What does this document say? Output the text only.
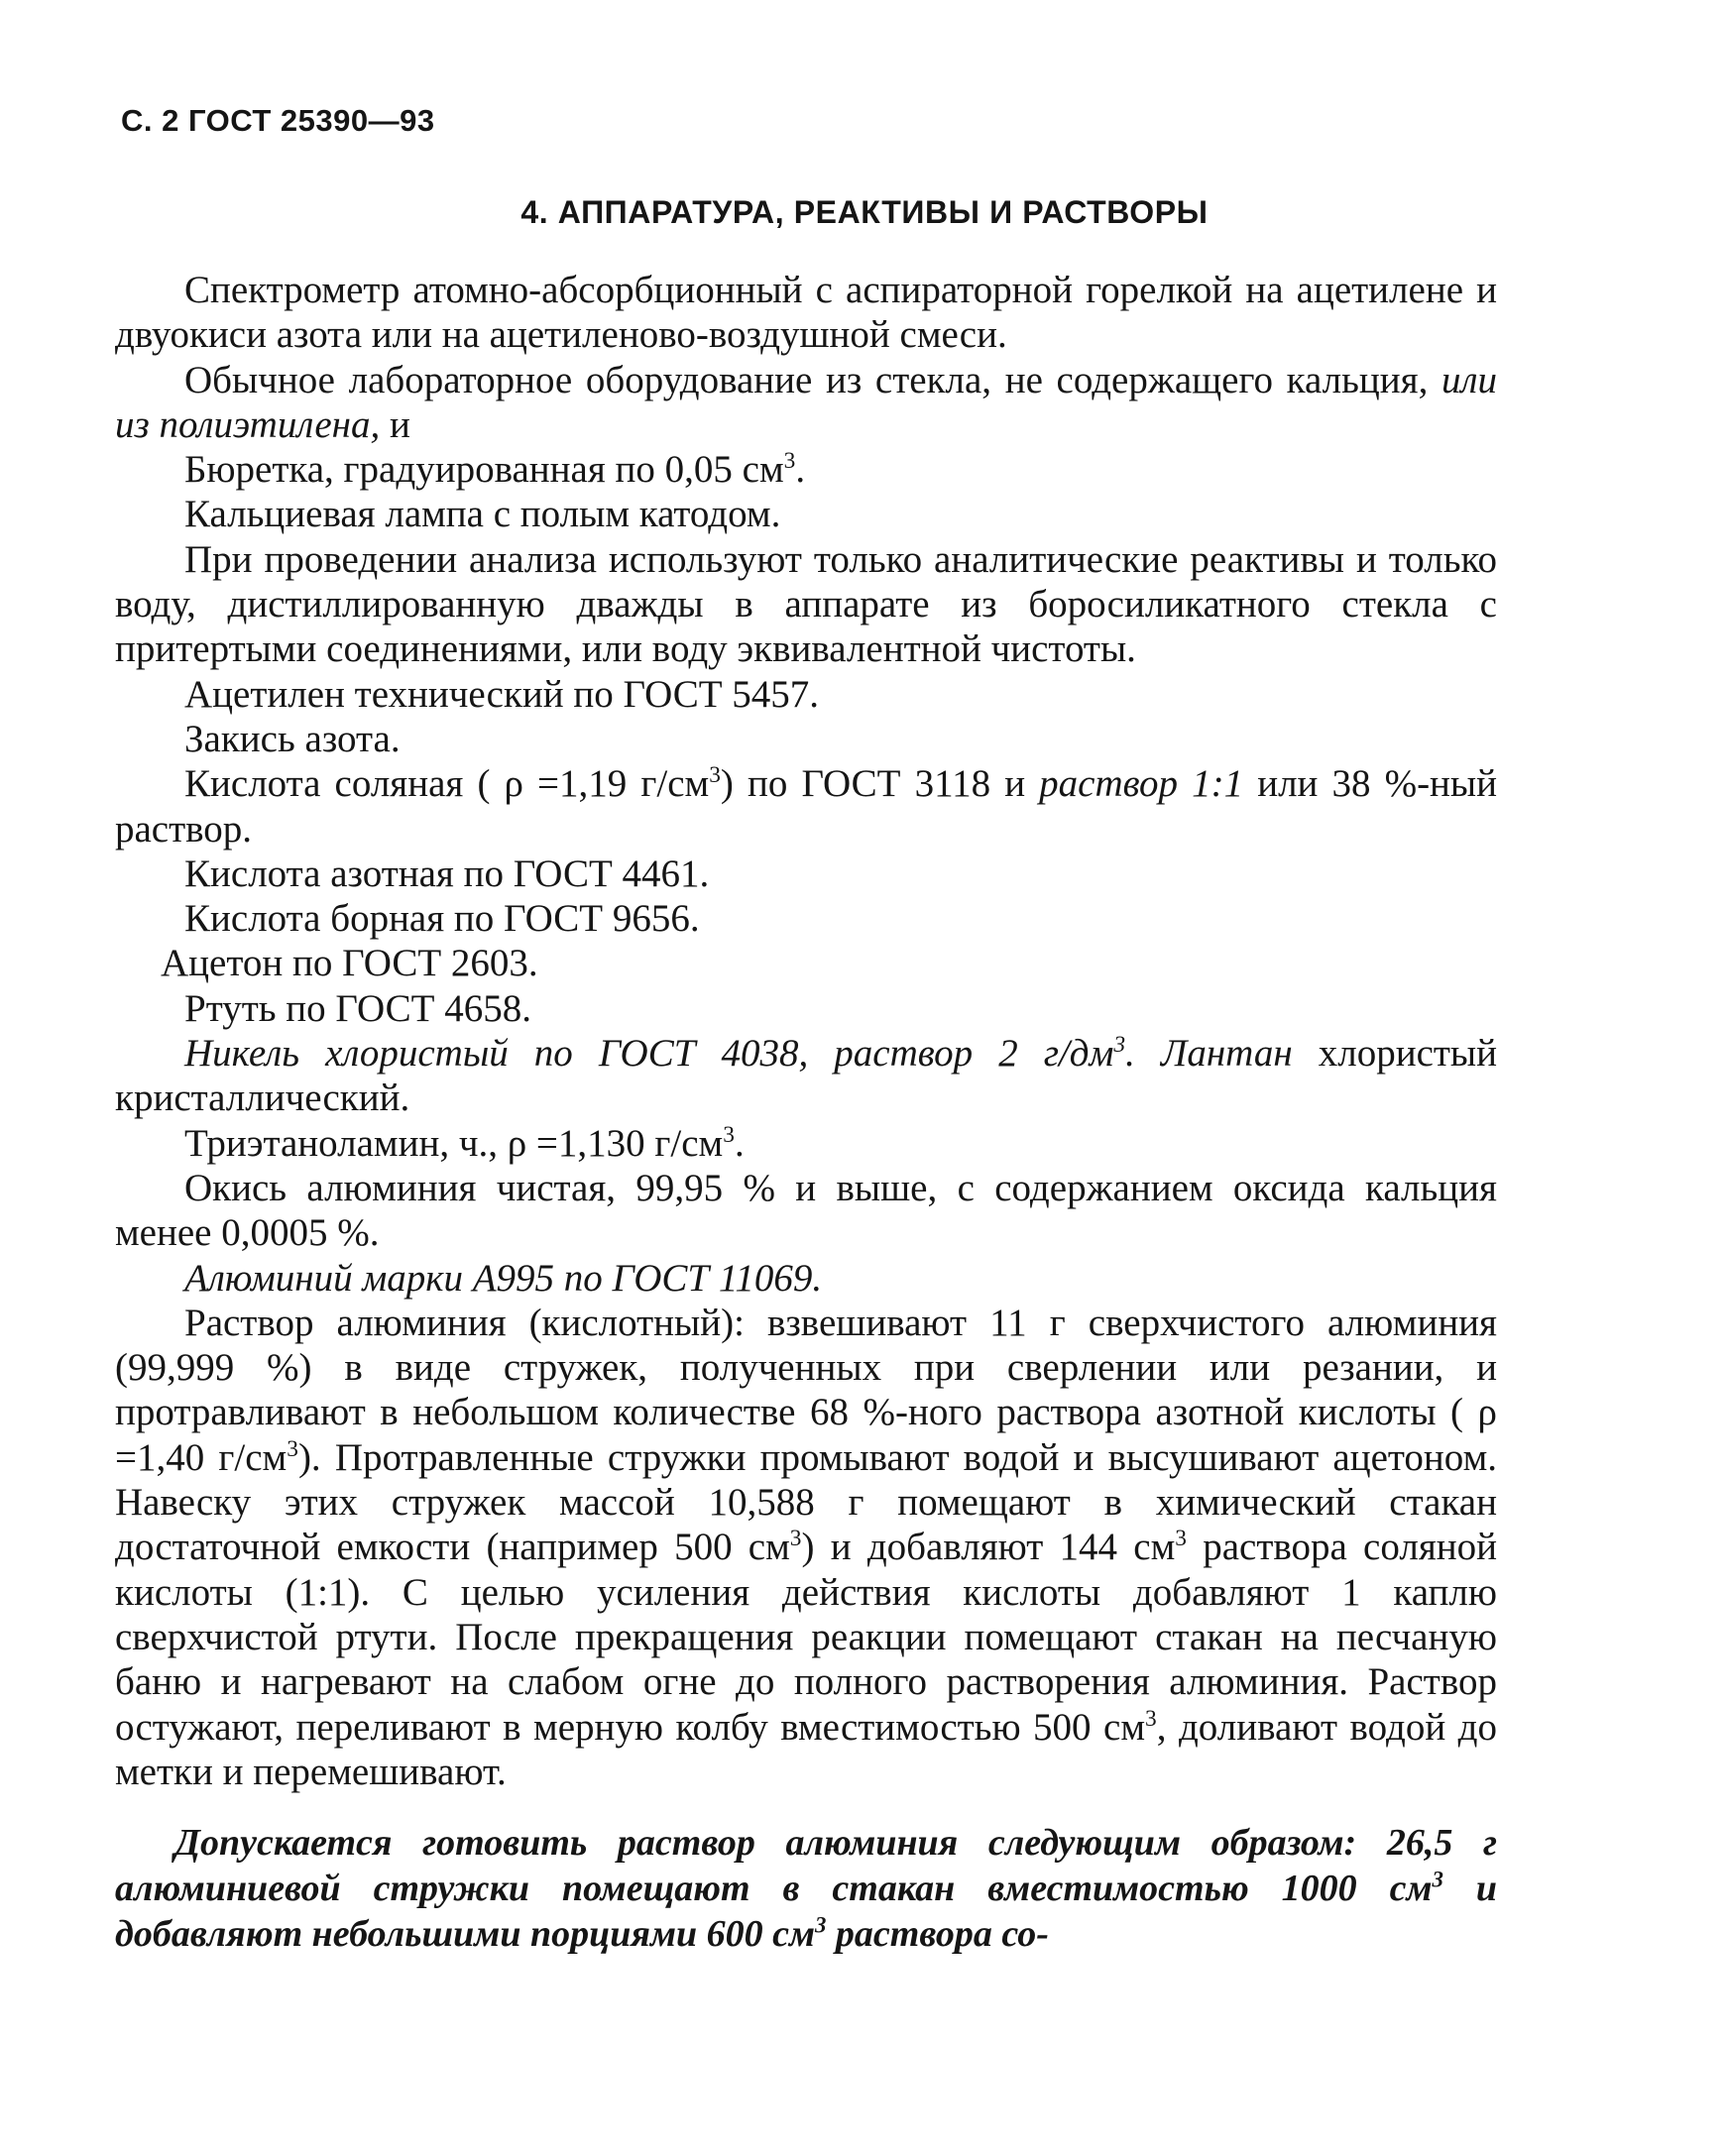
С. 2 ГОСТ 25390—93
4. АППАРАТУРА, РЕАКТИВЫ И РАСТВОРЫ

Спектрометр атомно-абсорбционный с аспираторной горелкой на ацетилене и двуокиси азота или на ацетиленово-воздушной смеси.

Обычное лабораторное оборудование из стекла, не содержащего кальция, или из полиэтилена, и

Бюретка, градуированная по 0,05 $см^3$.

Кальциевая лампа с полым катодом.

При проведении анализа используют только аналитические реактивы и только воду, дистиллированную дважды в аппарате из боросиликатного стекла с притертыми соединениями, или воду эквивалентной чистоты.

Ацетилен технический по ГОСТ 5457.

Закись азота.

Кислота соляная ( ρ =1,19 $г/см^3$) по ГОСТ 3118 и раствор 1:1 или 38 %-ный раствор.

Кислота азотная по ГОСТ 4461.

Кислота борная по ГОСТ 9656.

Ацетон по ГОСТ 2603.

Ртуть по ГОСТ 4658.

Никель хлористый по ГОСТ 4038, раствор 2 $г/дм^3$. Лантан хлористый кристаллический.

Триэтаноламин, ч., ρ =1,130 $г/см^3$.

Окись алюминия чистая, 99,95 % и выше, с содержанием оксида кальция менее 0,0005 %.

Алюминий марки А995 по ГОСТ 11069.

Раствор алюминия (кислотный): взвешивают 11 г сверхчистого алюминия (99,999 %) в виде стружек, полученных при сверлении или резании, и протравливают в небольшом количестве 68 %-ного раствора азотной кислоты ( ρ =1,40 $г/см^3$). Протравленные стружки промывают водой и высушивают ацетоном. Навеску этих стружек массой 10,588 г помещают в химический стакан достаточной емкости (например 500 $см^3$) и добавляют 144 $см^3$ раствора соляной кислоты (1:1). С целью усиления действия кислоты добавляют 1 каплю сверхчистой ртути. После прекращения реакции помещают стакан на песчаную баню и нагревают на слабом огне до полного растворения алюминия. Раствор остужают, переливают в мерную колбу вместимостью 500 $см^3$, доливают водой до метки и перемешивают.

Допускается готовить раствор алюминия следующим образом: 26,5 г алюминиевой стружки помещают в стакан вместимостью 1000 $см^3$ и добавляют небольшими порциями 600 $см^3$ раствора со-
